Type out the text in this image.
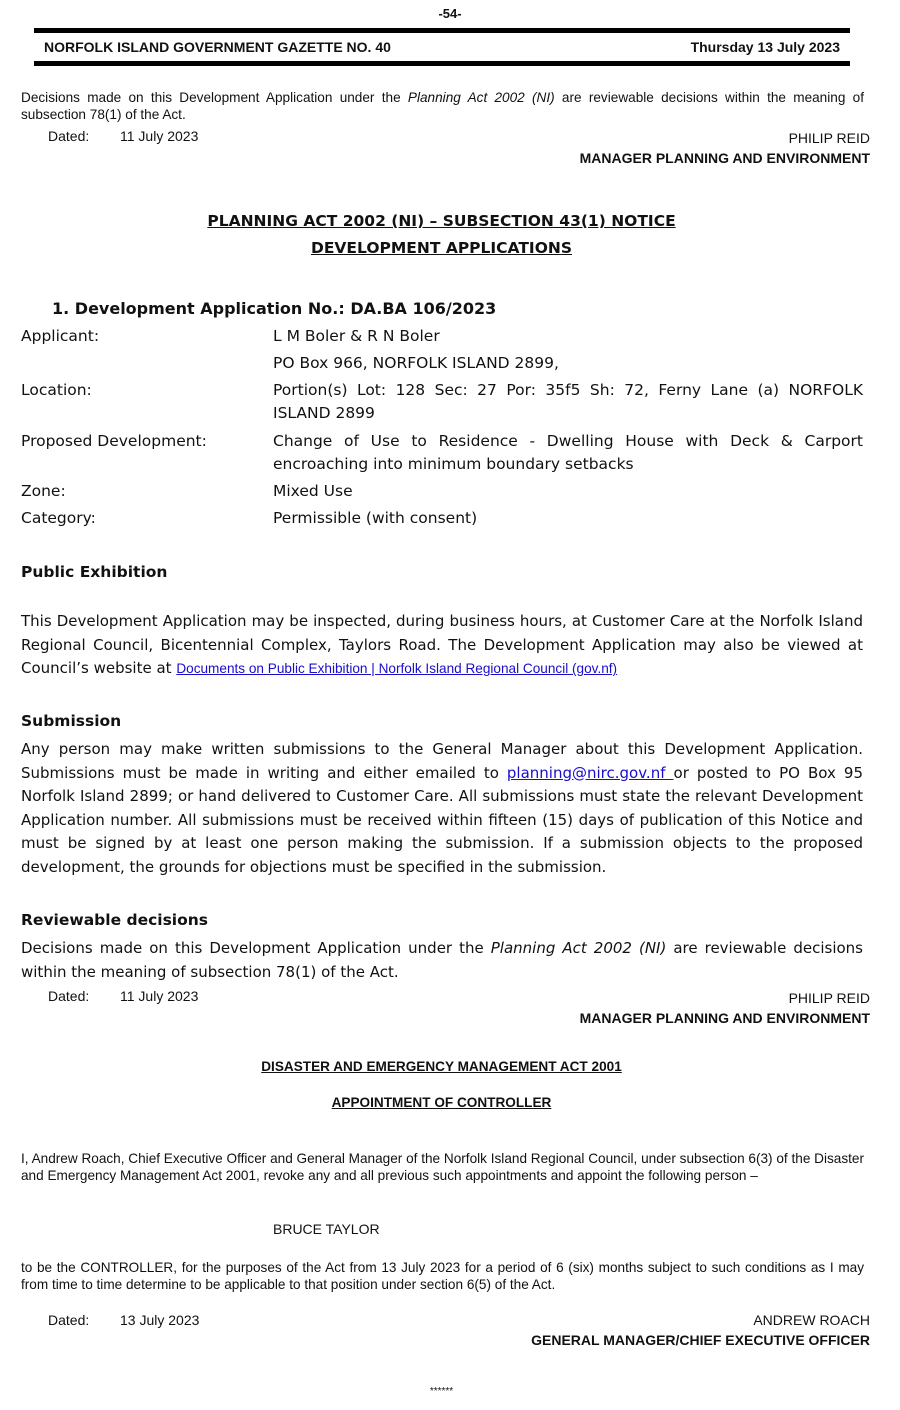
-54-
NORFOLK ISLAND GOVERNMENT GAZETTE NO. 40	Thursday 13 July 2023
Decisions made on this Development Application under the Planning Act 2002 (NI) are reviewable decisions within the meaning of subsection 78(1) of the Act.
Dated: 11 July 2023	PHILIP REID
MANAGER PLANNING AND ENVIRONMENT
PLANNING ACT 2002 (NI) – SUBSECTION 43(1) NOTICE
DEVELOPMENT APPLICATIONS
1. Development Application No.: DA.BA 106/2023
Applicant:	L M Boler & R N Boler
PO Box 966, NORFOLK ISLAND 2899,
Location:	Portion(s) Lot: 128 Sec: 27 Por: 35f5 Sh: 72, Ferny Lane (a) NORFOLK ISLAND 2899
Proposed Development:	Change of Use to Residence - Dwelling House with Deck & Carport encroaching into minimum boundary setbacks
Zone:	Mixed Use
Category:	Permissible (with consent)
Public Exhibition
This Development Application may be inspected, during business hours, at Customer Care at the Norfolk Island Regional Council, Bicentennial Complex, Taylors Road. The Development Application may also be viewed at Council’s website at Documents on Public Exhibition | Norfolk Island Regional Council (gov.nf)
Submission
Any person may make written submissions to the General Manager about this Development Application. Submissions must be made in writing and either emailed to planning@nirc.gov.nf or posted to PO Box 95 Norfolk Island 2899; or hand delivered to Customer Care. All submissions must state the relevant Development Application number. All submissions must be received within fifteen (15) days of publication of this Notice and must be signed by at least one person making the submission. If a submission objects to the proposed development, the grounds for objections must be specified in the submission.
Reviewable decisions
Decisions made on this Development Application under the Planning Act 2002 (NI) are reviewable decisions within the meaning of subsection 78(1) of the Act.
Dated: 11 July 2023	PHILIP REID
MANAGER PLANNING AND ENVIRONMENT
DISASTER AND EMERGENCY MANAGEMENT ACT 2001
APPOINTMENT OF CONTROLLER
I, Andrew Roach, Chief Executive Officer and General Manager of the Norfolk Island Regional Council, under subsection 6(3) of the Disaster and Emergency Management Act 2001, revoke any and all previous such appointments and appoint the following person –
BRUCE TAYLOR
to be the CONTROLLER, for the purposes of the Act from 13 July 2023 for a period of 6 (six) months subject to such conditions as I may from time to time determine to be applicable to that position under section 6(5) of the Act.
Dated: 13 July 2023	ANDREW ROACH
GENERAL MANAGER/CHIEF EXECUTIVE OFFICER
******
